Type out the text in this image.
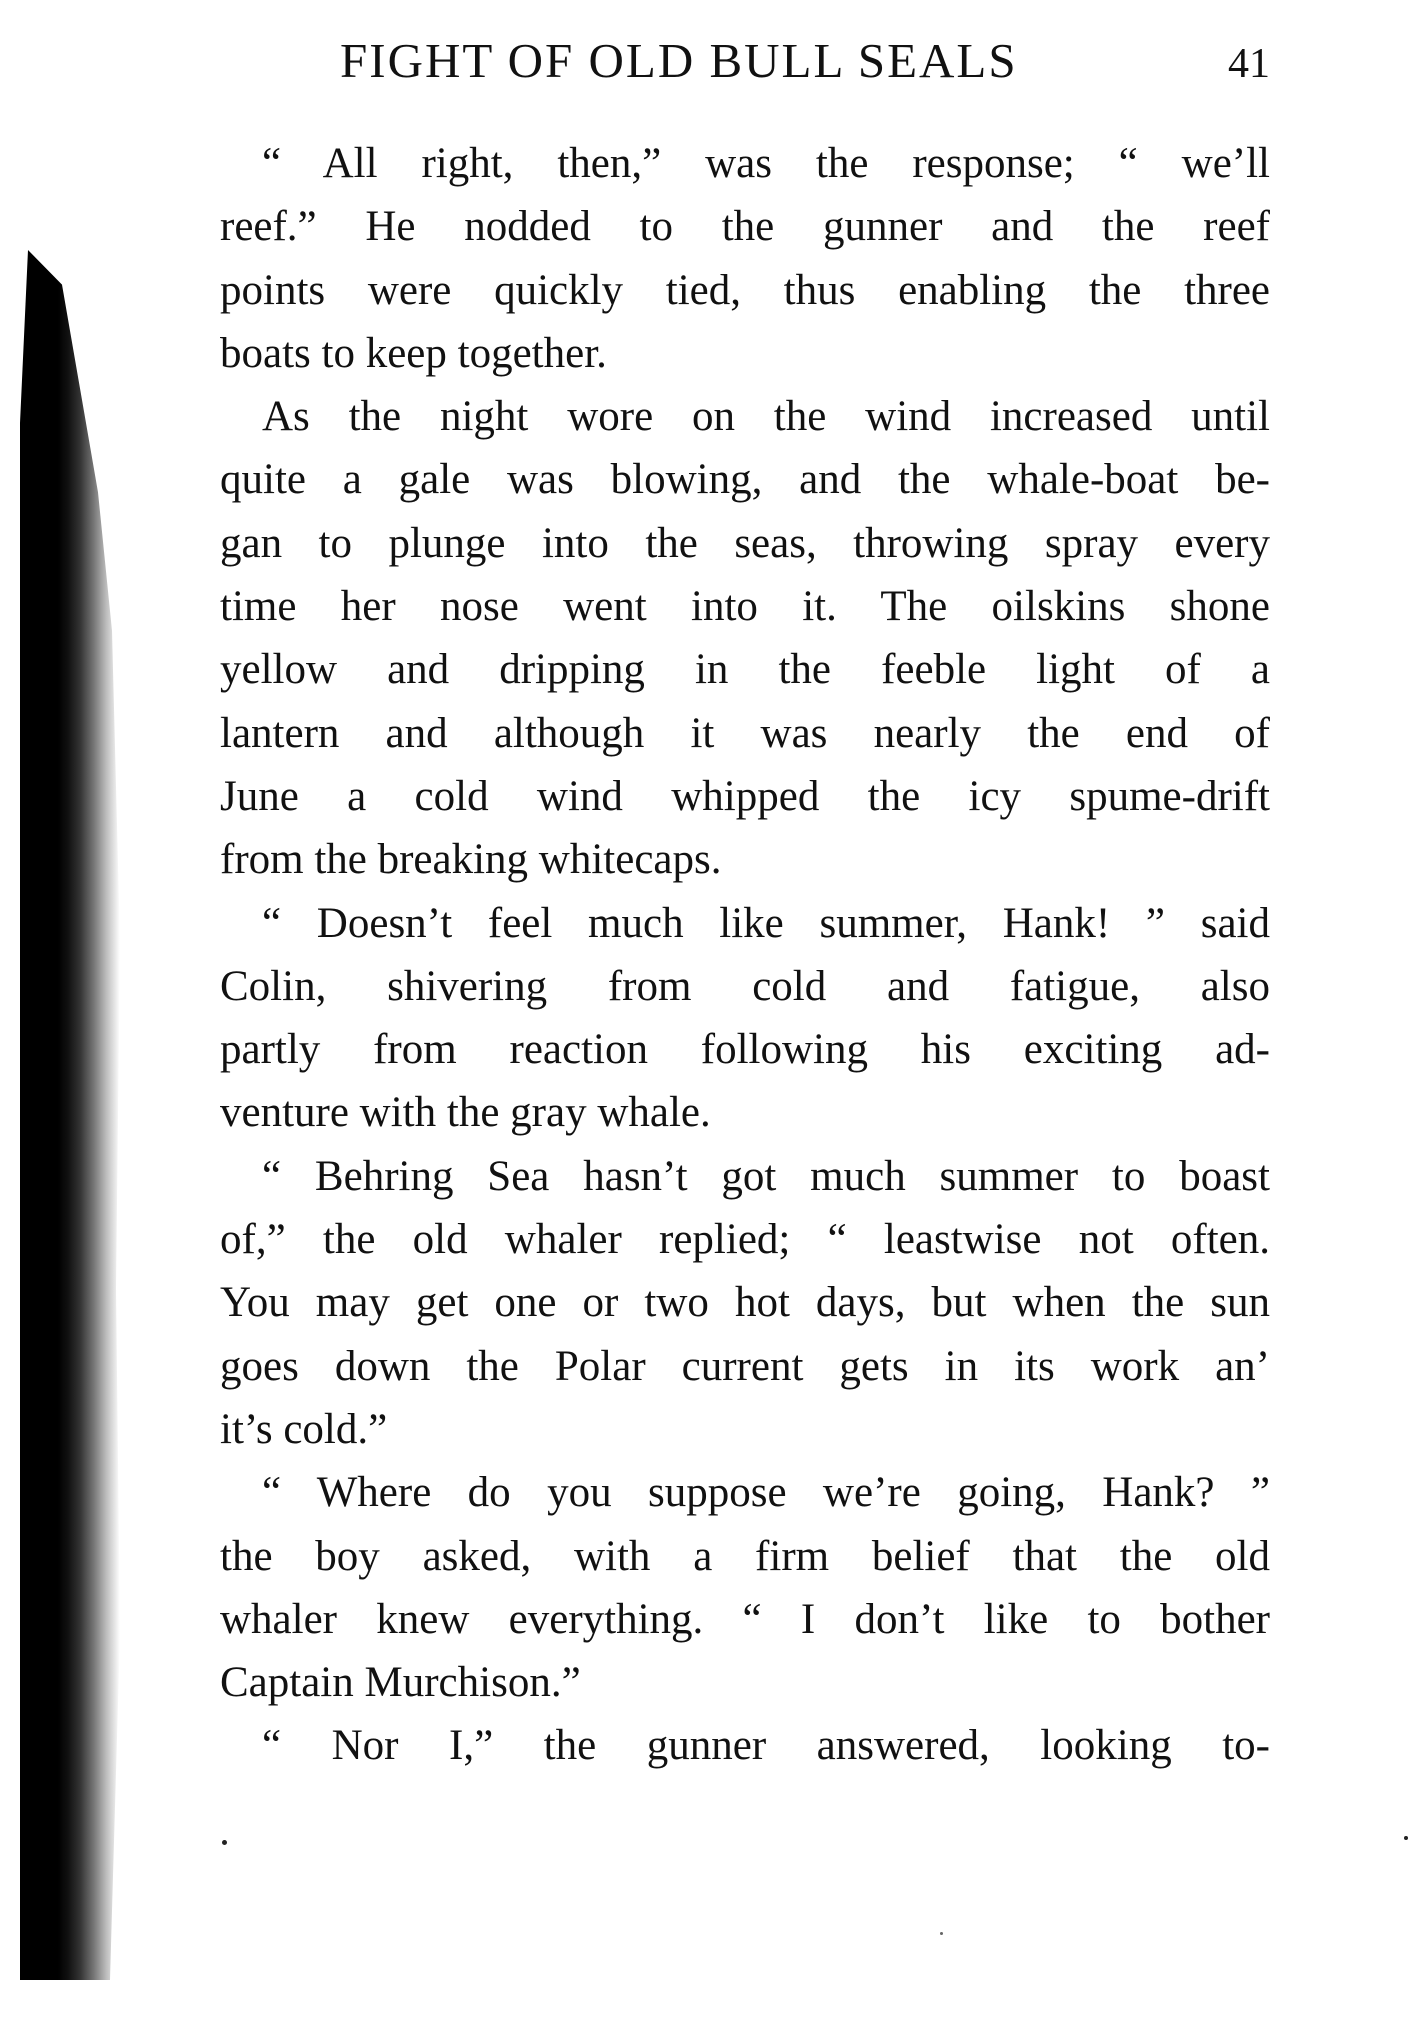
FIGHT OF OLD BULL SEALS	41
“ All right, then,” was the response; “ we’ll
reef.” He nodded to the gunner and the reef
points were quickly tied, thus enabling the three
boats to keep together.
As the night wore on the wind increased until
quite a gale was blowing, and the whale-boat be-
gan to plunge into the seas, throwing spray every
time her nose went into it. The oilskins shone
yellow and dripping in the feeble light of a
lantern and although it was nearly the end of
June a cold wind whipped the icy spume-drift
from the breaking whitecaps.
“ Doesn’t feel much like summer, Hank! ” said
Colin, shivering from cold and fatigue, also
partly from reaction following his exciting ad-
venture with the gray whale.
“ Behring Sea hasn’t got much summer to boast
of,” the old whaler replied; “ leastwise not often.
You may get one or two hot days, but when the sun
goes down the Polar current gets in its work an’
it’s cold.”
“ Where do you suppose we’re going, Hank? ”
the boy asked, with a firm belief that the old
whaler knew everything. “ I don’t like to bother
Captain Murchison.”
“ Nor I,” the gunner answered, looking to-
